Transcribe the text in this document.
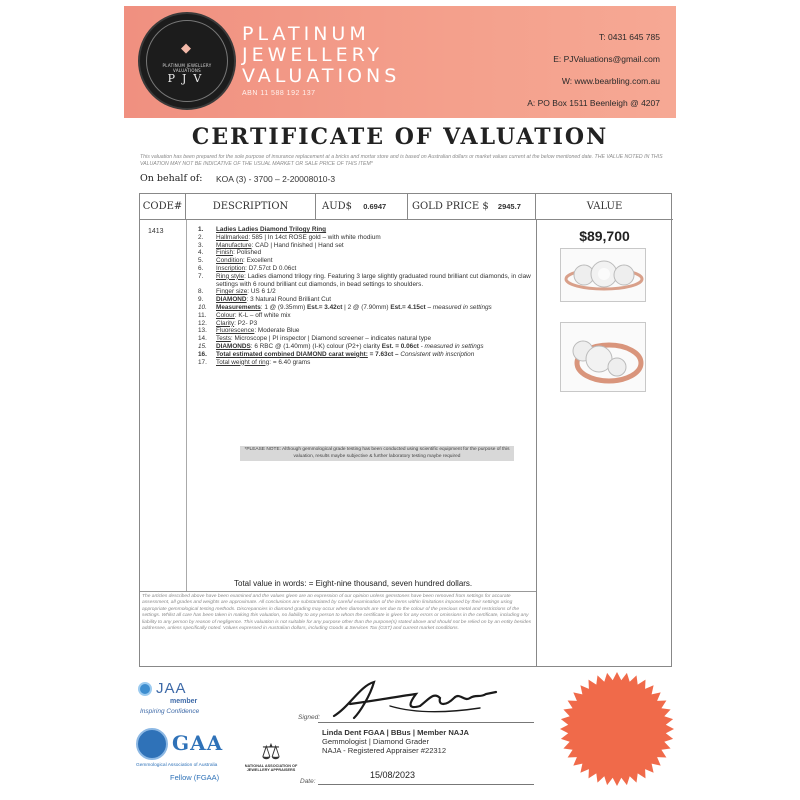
◆
PLATINUM JEWELLERY VALUATIONS
PJV
PLATINUM
JEWELLERY
VALUATIONS
ABN 11 588 192 137
T: 0431 645 785
E: PJValuations@gmail.com
W: www.bearbling.com.au
A: PO Box 1511 Beenleigh @ 4207
CERTIFICATE OF VALUATION
This valuation has been prepared for the sole purpose of insurance replacement at a bricks and mortar store and is based on Australian dollars or market values current at the below mentioned date. THE VALUE NOTED IN THIS VALUATION MAY NOT BE INDICATIVE OF THE USUAL MARKET OR SALE PRICE OF THIS ITEM*
On behalf of: KOA (3) - 3700 – 2-20008010-3
CODE#	DESCRIPTION	AUD$ 0.6947	GOLD PRICE $ 2945.7	VALUE
1413	1.	Ladies Ladies Diamond Trilogy Ring
2.	Hallmarked: 585 | In 14ct ROSE gold – with white rhodium
3.	Manufacture: CAD | Hand finished | Hand set
4.	Finish: Polished
5.	Condition: Excellent
6.	Inscription: D7.57ct D 0.06ct
7.	Ring style: Ladies diamond trilogy ring. Featuring 3 large slightly graduated round brilliant cut diamonds, in claw settings with 6 round brilliant cut diamonds, in bead settings to shoulders.
8.	Finger size: US 6 1/2
9.	DIAMOND: 3 Natural Round Brilliant Cut
10.	Measurements: 1 @ (9.35mm) Est.= 3.42ct | 2 @ (7.90mm) Est.= 4.15ct – measured in settings
11.	Colour: K-L – off white mix
12.	Clarity: P2- P3
13.	Fluorescence: Moderate Blue
14.	Tests: Microscope | PI inspector | Diamond screener – indicates natural type
15.	DIAMONDS: 6 RBC @ (1.40mm) (I-K) colour (P2+) clarity Est. = 0.06ct - measured in settings
16.	Total estimated combined DIAMOND carat weight: = 7.63ct – Consistent with inscription
17.	Total weight of ring: = 6.40 grams
*PLEASE NOTE: Although gemmological grade testing has been conducted using scientific equipment for the purpose of this valuation, results maybe subjective & further laboratory testing maybe required
$89,700
Total value in words: = Eight-nine thousand, seven hundred dollars.
The articles described above have been examined and the values given are an expression of our opinion unless gemstones have been removed from settings for accurate assessment, all grades and weights are approximate. All conclusions are substantiated by careful examination of the items within limitations imposed by their settings using appropriate gemmological testing methods. Discrepancies in diamond grading may occur when diamonds are set due to the colour of the precious metal and restrictions of the settings. Whilst all care has been taken in making this valuation, no liability to any person to whom the certificate is given for any errors or omissions in the certificate, including any liability to any person by reason of negligence. This valuation is not suitable for any purpose other than the purpose(s) stated above and should not be relied on by an entity besides addressee, unless specifically noted. Values expressed in Australian dollars, including Goods & Services Tax (GST) and current market conditions.
JAA
member
Inspiring Confidence
GAA
Gemmological Association of Australia
Fellow (FGAA)
⚖
NATIONAL ASSOCIATION OF JEWELLERY APPRAISERS
Signed:
Linda Dent FGAA | BBus | Member NAJA
Gemmologist | Diamond Grader
NAJA - Registered Appraiser #22312
Date:
15/08/2023
